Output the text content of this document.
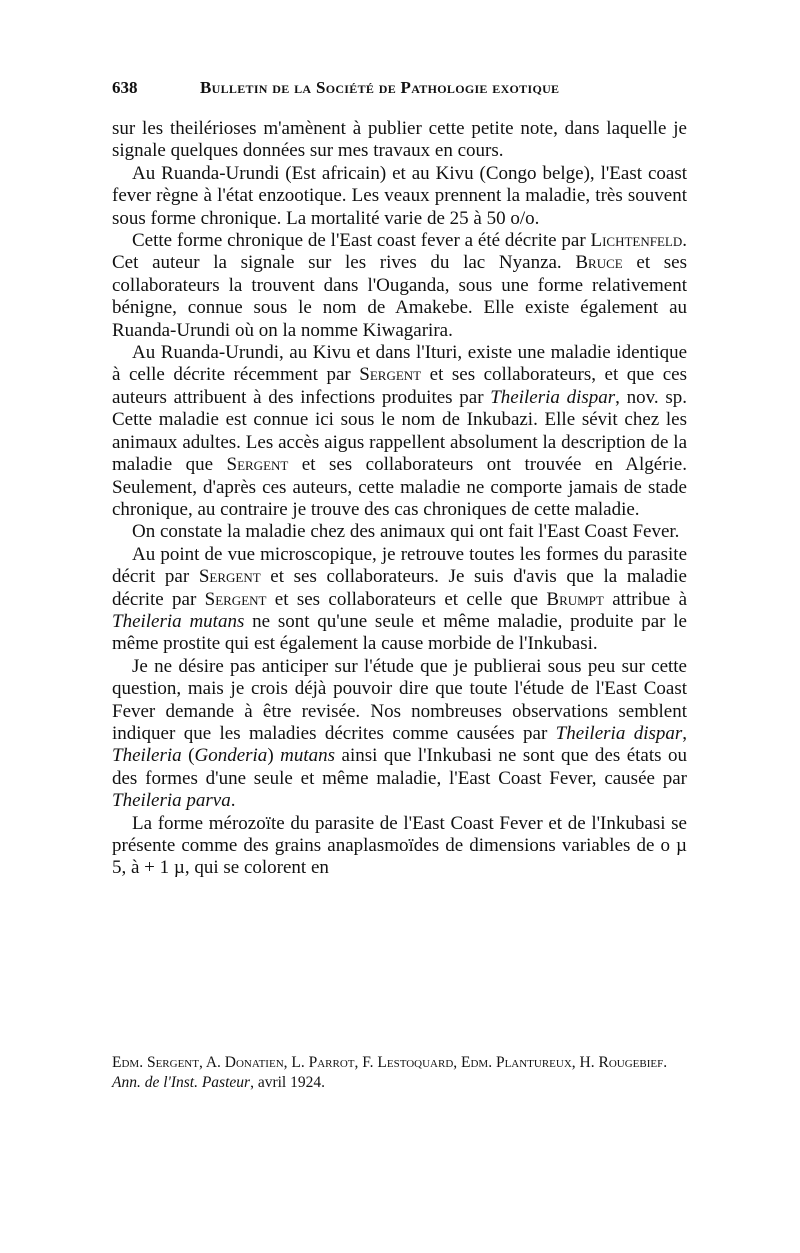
638	Bulletin de la Société de Pathologie exotique

sur les theilérioses m'amènent à publier cette petite note, dans laquelle je signale quelques données sur mes travaux en cours.

Au Ruanda-Urundi (Est africain) et au Kivu (Congo belge), l'East coast fever règne à l'état enzootique. Les veaux prennent la maladie, très souvent sous forme chronique. La mortalité varie de 25 à 50 o/o.

Cette forme chronique de l'East coast fever a été décrite par Lichtenfeld. Cet auteur la signale sur les rives du lac Nyanza. Bruce et ses collaborateurs la trouvent dans l'Ouganda, sous une forme relativement bénigne, connue sous le nom de Amakebe. Elle existe également au Ruanda-Urundi où on la nomme Kiwagarira.

Au Ruanda-Urundi, au Kivu et dans l'Ituri, existe une maladie identique à celle décrite récemment par Sergent et ses collaborateurs, et que ces auteurs attribuent à des infections produites par Theileria dispar, nov. sp. Cette maladie est connue ici sous le nom de Inkubazi. Elle sévit chez les animaux adultes. Les accès aigus rappellent absolument la description de la maladie que Sergent et ses collaborateurs ont trouvée en Algérie. Seulement, d'après ces auteurs, cette maladie ne comporte jamais de stade chronique, au contraire je trouve des cas chroniques de cette maladie.

On constate la maladie chez des animaux qui ont fait l'East Coast Fever.

Au point de vue microscopique, je retrouve toutes les formes du parasite décrit par Sergent et ses collaborateurs. Je suis d'avis que la maladie décrite par Sergent et ses collaborateurs et celle que Brumpt attribue à Theileria mutans ne sont qu'une seule et même maladie, produite par le même prostite qui est également la cause morbide de l'Inkubasi.

Je ne désire pas anticiper sur l'étude que je publierai sous peu sur cette question, mais je crois déjà pouvoir dire que toute l'étude de l'East Coast Fever demande à être revisée. Nos nombreuses observations semblent indiquer que les maladies décrites comme causées par Theileria dispar, Theileria (Gonderia) mutans ainsi que l'Inkubasi ne sont que des états ou des formes d'une seule et même maladie, l'East Coast Fever, causée par Theileria parva.

La forme mérozoïte du parasite de l'East Coast Fever et de l'Inkubasi se présente comme des grains anaplasmoïdes de dimensions variables de o µ 5, à + 1 µ, qui se colorent en

Edm. Sergent, A. Donatien, L. Parrot, F. Lestoquard, Edm. Plantureux, H. Rougebief. Ann. de l'Inst. Pasteur, avril 1924.
